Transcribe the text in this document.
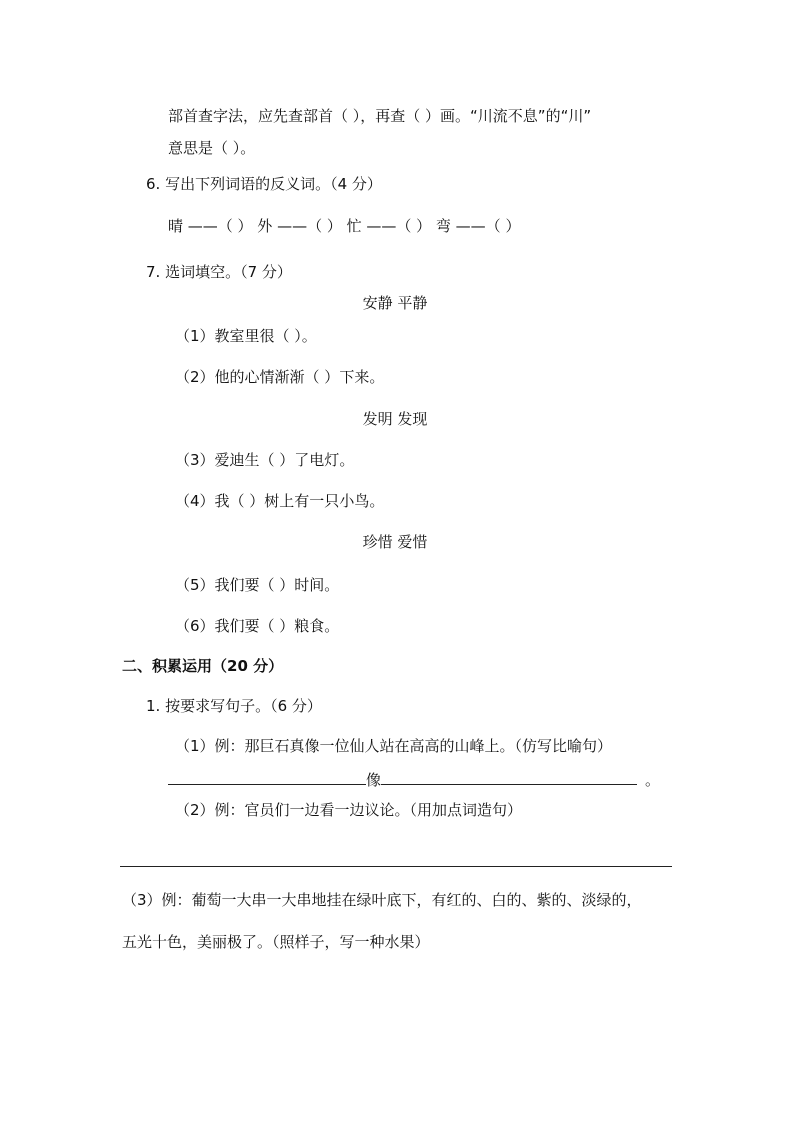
部首查字法，应先查部首（ ），再查（ ）画。“川流不息”的“川”
意思是（ ）。
6. 写出下列词语的反义词。（4 分）
晴 ——（ ） 外 ——（ ） 忙 ——（ ） 弯 ——（ ）
7. 选词填空。（7 分）
安静 平静
（1）教室里很（ ）。
（2）他的心情渐渐（ ）下来。
发明 发现
（3）爱迪生（ ）了电灯。
（4）我（ ）树上有一只小鸟。
珍惜 爱惜
（5）我们要（ ）时间。
（6）我们要（ ）粮食。
二、积累运用（20 分）
1. 按要求写句子。（6 分）
（1）例：那巨石真像一位仙人站在高高的山峰上。（仿写比喻句）
像	。
（2）例：官员们一边看一边议论。（用加点词造句）
（3）例：葡萄一大串一大串地挂在绿叶底下，有红的、白的、紫的、淡绿的，
五光十色，美丽极了。（照样子，写一种水果）
